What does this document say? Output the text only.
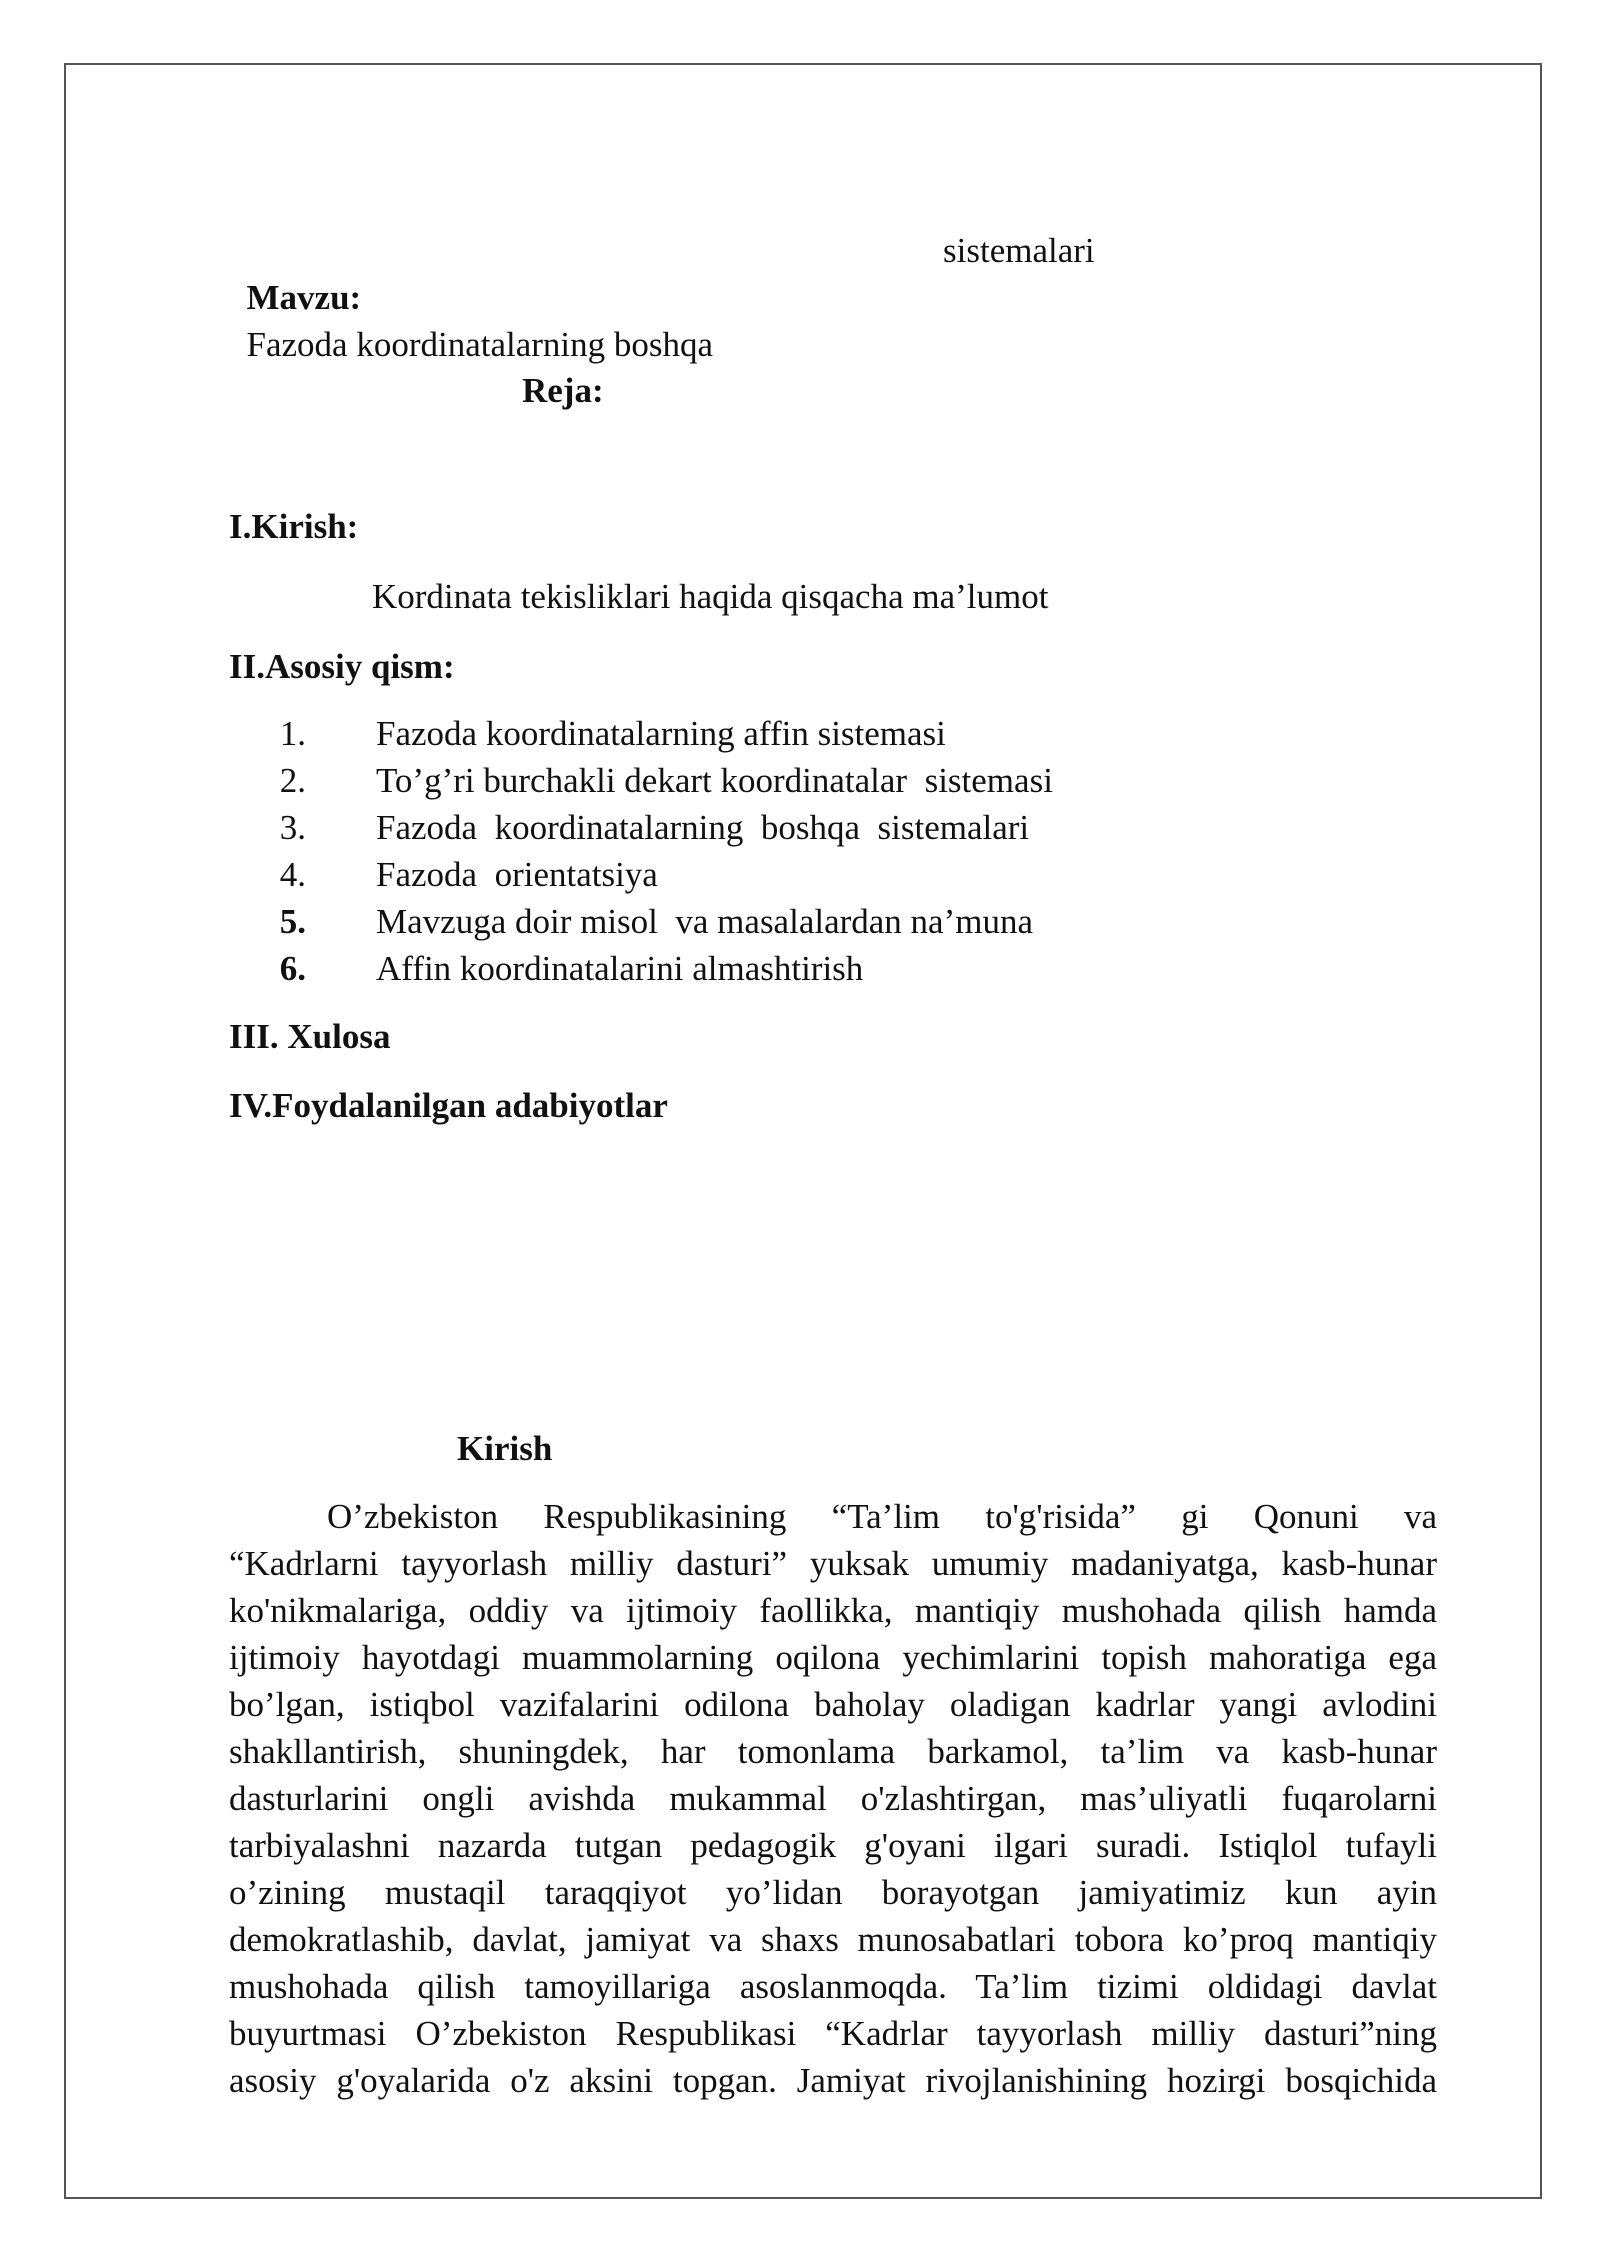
Mavzu:
Fazoda koordinatalarning boshqa

sistemalari
Reja:
I.Kirish:
Kordinata tekisliklari haqida qisqacha ma’lumot
II.Asosiy qism:
1. Fazoda koordinatalarning affin sistemasi
2. To’g’ri burchakli dekart koordinatalar  sistemasi
3. Fazoda  koordinatalarning  boshqa  sistemalari
4. Fazoda  orientatsiya
5. Mavzuga doir misol  va masalalardan na’muna
6. Affin koordinatalarini almashtirish
III. Xulosa
IV.Foydalanilgan adabiyotlar
Kirish
O’zbekiston Respublikasining “Ta’lim to'g'risida” gi Qonuni va
“Kadrlarni tayyorlash milliy dasturi” yuksak umumiy madaniyatga, kasb-hunar
ko'nikmalariga, oddiy va ijtimoiy faollikka, mantiqiy mushohada qilish hamda
ijtimoiy hayotdagi muammolarning oqilona yechimlarini topish mahoratiga ega
bo’lgan, istiqbol vazifalarini odilona baholay oladigan kadrlar yangi avlodini
shakllantirish, shuningdek, har tomonlama barkamol, ta’lim va kasb-hunar
dasturlarini ongli avishda mukammal o'zlashtirgan, mas’uliyatli fuqarolarni
tarbiyalashni nazarda tutgan pedagogik g'oyani ilgari suradi. Istiqlol tufayli
o’zining mustaqil taraqqiyot yo’lidan borayotgan jamiyatimiz kun ayin
demokratlashib, davlat, jamiyat va shaxs munosabatlari tobora ko’proq mantiqiy
mushohada qilish tamoyillariga asoslanmoqda. Ta’lim tizimi oldidagi davlat
buyurtmasi O’zbekiston Respublikasi “Kadrlar tayyorlash milliy dasturi”ning
asosiy g'oyalarida o'z aksini topgan. Jamiyat rivojlanishining hozirgi bosqichida
